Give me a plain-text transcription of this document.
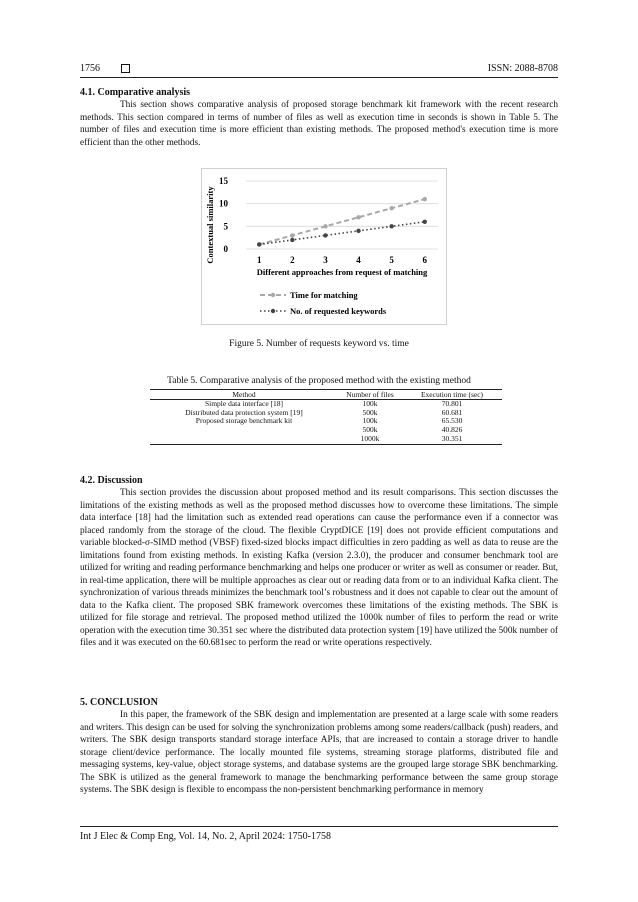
1756	ISSN: 2088-8708
4.1. Comparative analysis

This section shows comparative analysis of proposed storage benchmark kit framework with the recent research methods. This section compared in terms of number of files as well as execution time in seconds is shown in Table 5. The number of files and execution time is more efficient than existing methods. The proposed method's execution time is more efficient than the other methods.

0
5
10
15
1	2	3	4	5	6
Different approaches from request of matching
Contextual similarity
Time for matching
No. of requested keywords
Figure 5. Number of requests keyword vs. time
Table 5. Comparative analysis of the proposed method with the existing method
Method	Number of files	Execution time (sec)
Simple data interface [18]	100k	70.801
Distributed data protection system [19]	500k	60.681
Proposed storage benchmark kit	100k	65.530
	500k	40.826
	1000k	30.351
4.2. Discussion

This section provides the discussion about proposed method and its result comparisons. This section discusses the limitations of the existing methods as well as the proposed method discusses how to overcome these limitations. The simple data interface [18] had the limitation such as extended read operations can cause the performance even if a connector was placed randomly from the storage of the cloud. The flexible CryptDICE [19] does not provide efficient computations and variable blocked-σ-SIMD method (VBSF) fixed-sized blocks impact difficulties in zero padding as well as data to reuse are the limitations found from existing methods. In existing Kafka (version 2.3.0), the producer and consumer benchmark tool are utilized for writing and reading performance benchmarking and helps one producer or writer as well as consumer or reader. But, in real-time application, there will be multiple approaches as clear out or reading data from or to an individual Kafka client. The synchronization of various threads minimizes the benchmark tool’s robustness and it does not capable to clear out the amount of data to the Kafka client. The proposed SBK framework overcomes these limitations of the existing methods. The SBK is utilized for file storage and retrieval. The proposed method utilized the 1000k number of files to perform the read or write operation with the execution time 30.351 sec where the distributed data protection system [19] have utilized the 500k number of files and it was executed on the 60.681sec to perform the read or write operations respectively.

5. CONCLUSION

In this paper, the framework of the SBK design and implementation are presented at a large scale with some readers and writers. This design can be used for solving the synchronization problems among some readers/callback (push) readers, and writers. The SBK design transports standard storage interface APIs, that are increased to contain a storage driver to handle storage client/device performance. The locally mounted file systems, streaming storage platforms, distributed file and messaging systems, key-value, object storage systems, and database systems are the grouped large storage SBK benchmarking. The SBK is utilized as the general framework to manage the benchmarking performance between the same group storage systems. The SBK design is flexible to encompass the non-persistent benchmarking performance in memory

Int J Elec & Comp Eng, Vol. 14, No. 2, April 2024: 1750-1758
